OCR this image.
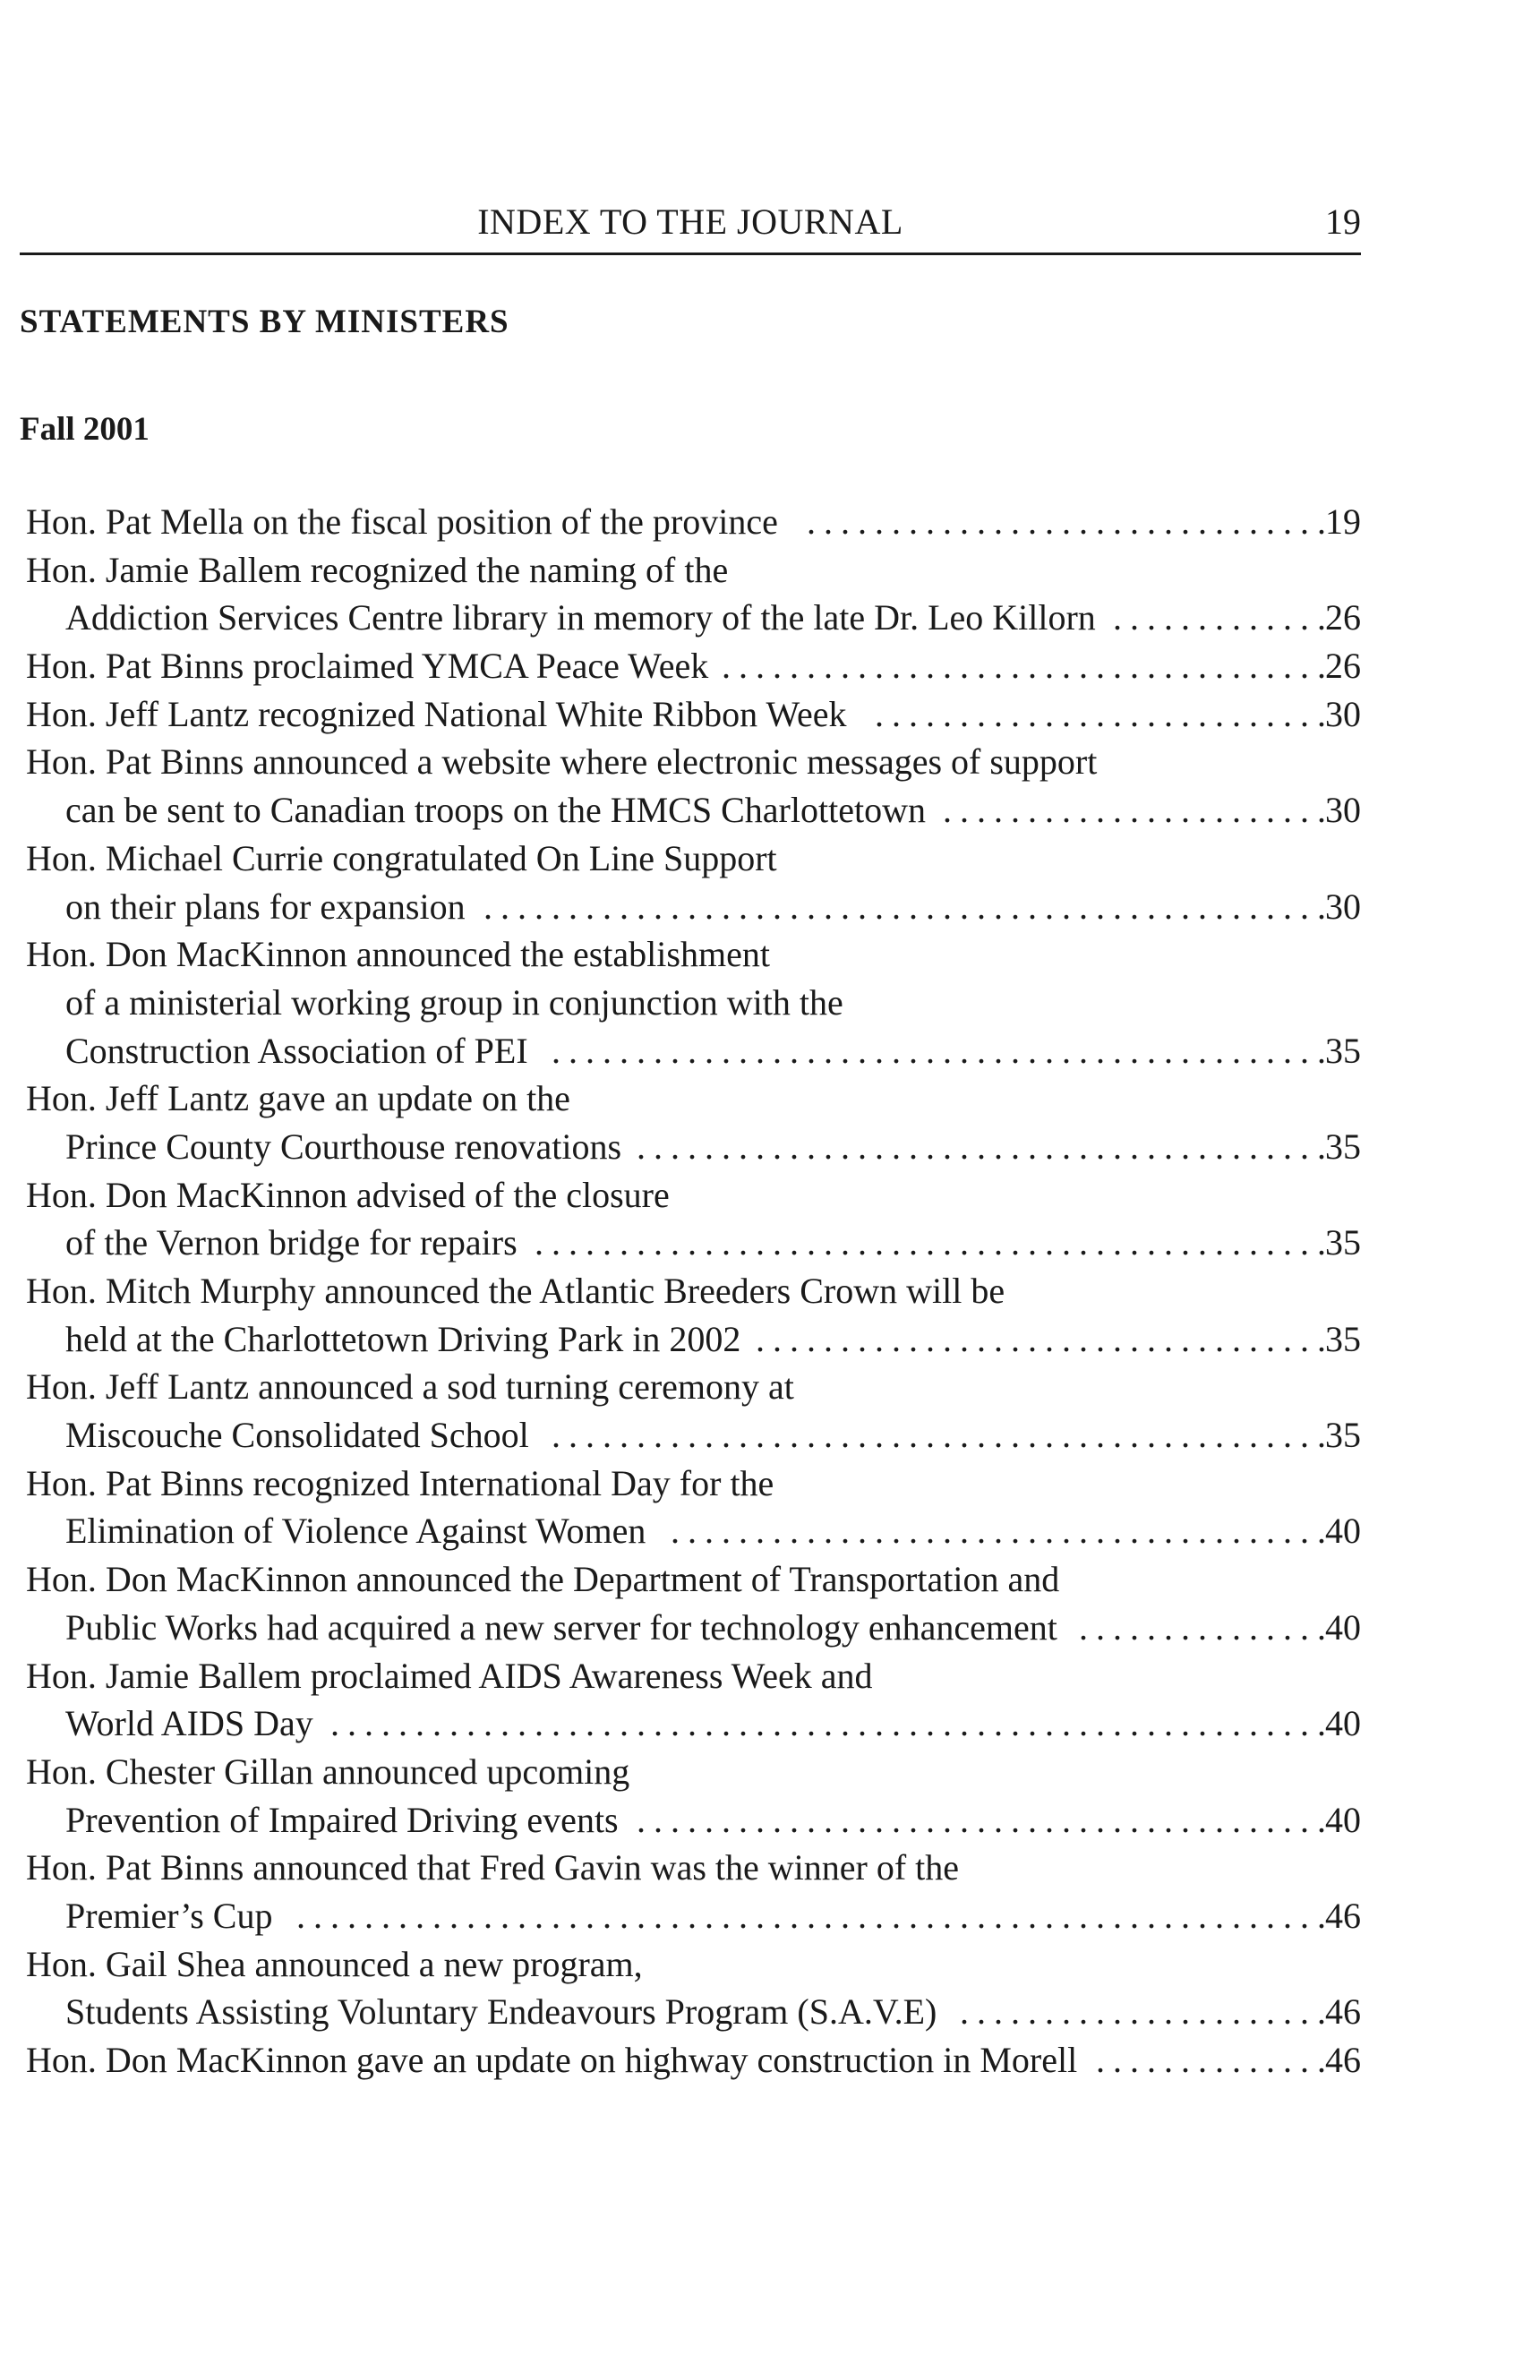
INDEX TO THE JOURNAL	19
STATEMENTS BY MINISTERS
Fall 2001
Hon. Pat Mella on the fiscal position of the province ...............................
19
Hon. Jamie Ballem recognized the naming of the
Addiction Services Centre library in memory of the late Dr. Leo Killorn .............
26
Hon. Pat Binns proclaimed YMCA Peace Week ....................................
26
Hon. Jeff Lantz recognized National White Ribbon Week ...........................
30
Hon. Pat Binns announced a website where electronic messages of support
can be sent to Canadian troops on the HMCS Charlottetown .......................
30
Hon. Michael Currie congratulated On Line Support
on their plans for expansion ..................................................
30
Hon. Don MacKinnon announced the establishment
of a ministerial working group in conjunction with the
Construction Association of PEI ..............................................
35
Hon. Jeff Lantz gave an update on the
Prince County Courthouse renovations .........................................
35
Hon. Don MacKinnon advised of the closure
of the Vernon bridge for repairs ...............................................
35
Hon. Mitch Murphy announced the Atlantic Breeders Crown will be
held at the Charlottetown Driving Park in 2002 ..................................
35
Hon. Jeff Lantz announced a sod turning ceremony at
Miscouche Consolidated School ..............................................
35
Hon. Pat Binns recognized International Day for the
Elimination of Violence Against Women .......................................
40
Hon. Don MacKinnon announced the Department of Transportation and
Public Works had acquired a new server for technology enhancement ...............
40
Hon. Jamie Ballem proclaimed AIDS Awareness Week and
World AIDS Day ...........................................................
40
Hon. Chester Gillan announced upcoming
Prevention of Impaired Driving events .........................................
40
Hon. Pat Binns announced that Fred Gavin was the winner of the
Premier’s Cup .............................................................
46
Hon. Gail Shea announced a new program,
Students Assisting Voluntary Endeavours Program (S.A.V.E) ......................
46
Hon. Don MacKinnon gave an update on highway construction in Morell ..............
46
